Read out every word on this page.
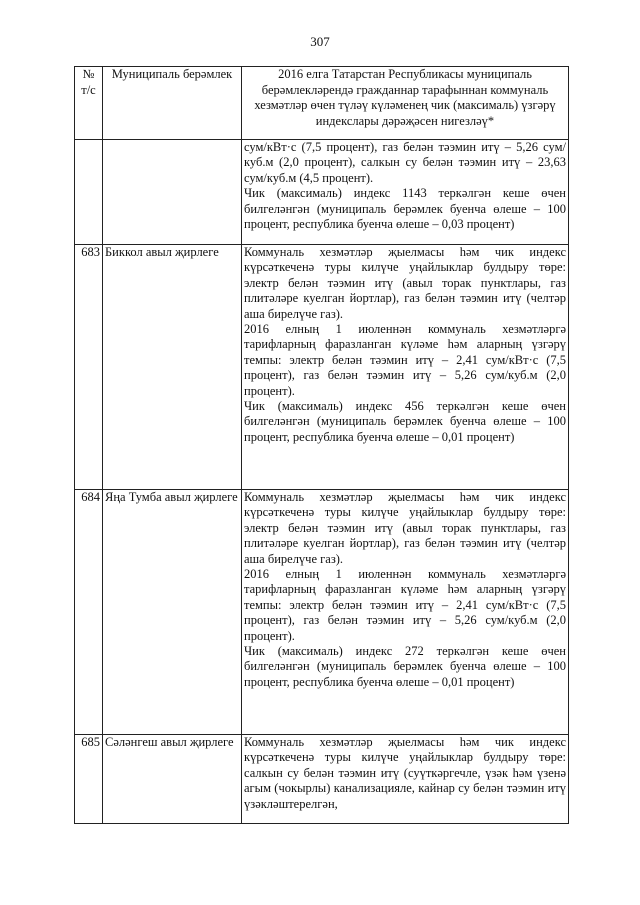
307
№ т/с	Муниципаль берәмлек	2016 елга Татарстан Республикасы муниципаль берәмлекләрендә гражданнар тарафыннан коммуналь хезмәтләр өчен түләү күләменең чик (максималь) үзгәрү индекслары дәрәҗәсен нигезләү*

		сум/кВт·с (7,5 процент), газ белән тәэмин итү – 5,26 сум/куб.м (2,0 процент), салкын су белән тәэмин итү – 23,63 сум/куб.м (4,5 процент).

Чик (максималь) индекс 1143 теркәлгән кеше өчен билгеләнгән (муниципаль берәмлек буенча өлеше – 100 процент, республика буенча өлеше – 0,03 процент)

683	Биккол авыл җирлеге	Коммуналь хезмәтләр җыелмасы һәм чик индекс күрсәткеченә туры килүче уңайлыклар булдыру төре: электр белән тәэмин итү (авыл торак пунктлары, газ плитәләре куелган йортлар), газ белән тәэмин итү (челтәр аша бирелүче газ).

2016 елның 1 июленнән коммуналь хезмәтләргә тарифларның фаразланган күләме һәм аларның үзгәрү темпы: электр белән тәэмин итү – 2,41 сум/кВт·с (7,5 процент), газ белән тәэмин итү – 5,26 сум/куб.м (2,0 процент).

Чик (максималь) индекс 456 теркәлгән кеше өчен билгеләнгән (муниципаль берәмлек буенча өлеше – 100 процент, республика буенча өлеше – 0,01 процент)

684	Яңа Тумба авыл җирлеге	Коммуналь хезмәтләр җыелмасы һәм чик индекс күрсәткеченә туры килүче уңайлыклар булдыру төре: электр белән тәэмин итү (авыл торак пунктлары, газ плитәләре куелган йортлар), газ белән тәэмин итү (челтәр аша бирелүче газ).

2016 елның 1 июленнән коммуналь хезмәтләргә тарифларның фаразланган күләме һәм аларның үзгәрү темпы: электр белән тәэмин итү – 2,41 сум/кВт·с (7,5 процент), газ белән тәэмин итү – 5,26 сум/куб.м (2,0 процент).

Чик (максималь) индекс 272 теркәлгән кеше өчен билгеләнгән (муниципаль берәмлек буенча өлеше – 100 процент, республика буенча өлеше – 0,01 процент)

685	Сәләнгеш авыл җирлеге	Коммуналь хезмәтләр җыелмасы һәм чик индекс күрсәткеченә туры килүче уңайлыклар булдыру төре: салкын су белән тәэмин итү (суүткәргечле, үзәк һәм үзенә агым (чокырлы) канализацияле, кайнар су белән тәэмин итү үзәкләштерелгән,
